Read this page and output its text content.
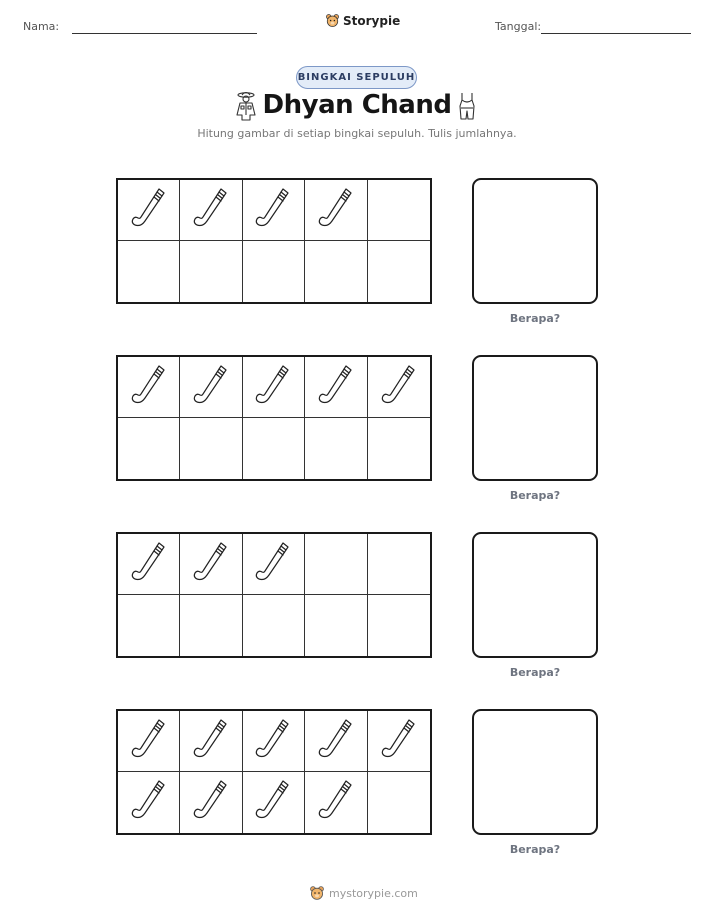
Nama:	Storypie	Tanggal:
BINGKAI SEPULUH
Dhyan Chand
Hitung gambar di setiap bingkai sepuluh. Tulis jumlahnya.
Berapa?
Berapa?
Berapa?
Berapa?
mystorypie.com
